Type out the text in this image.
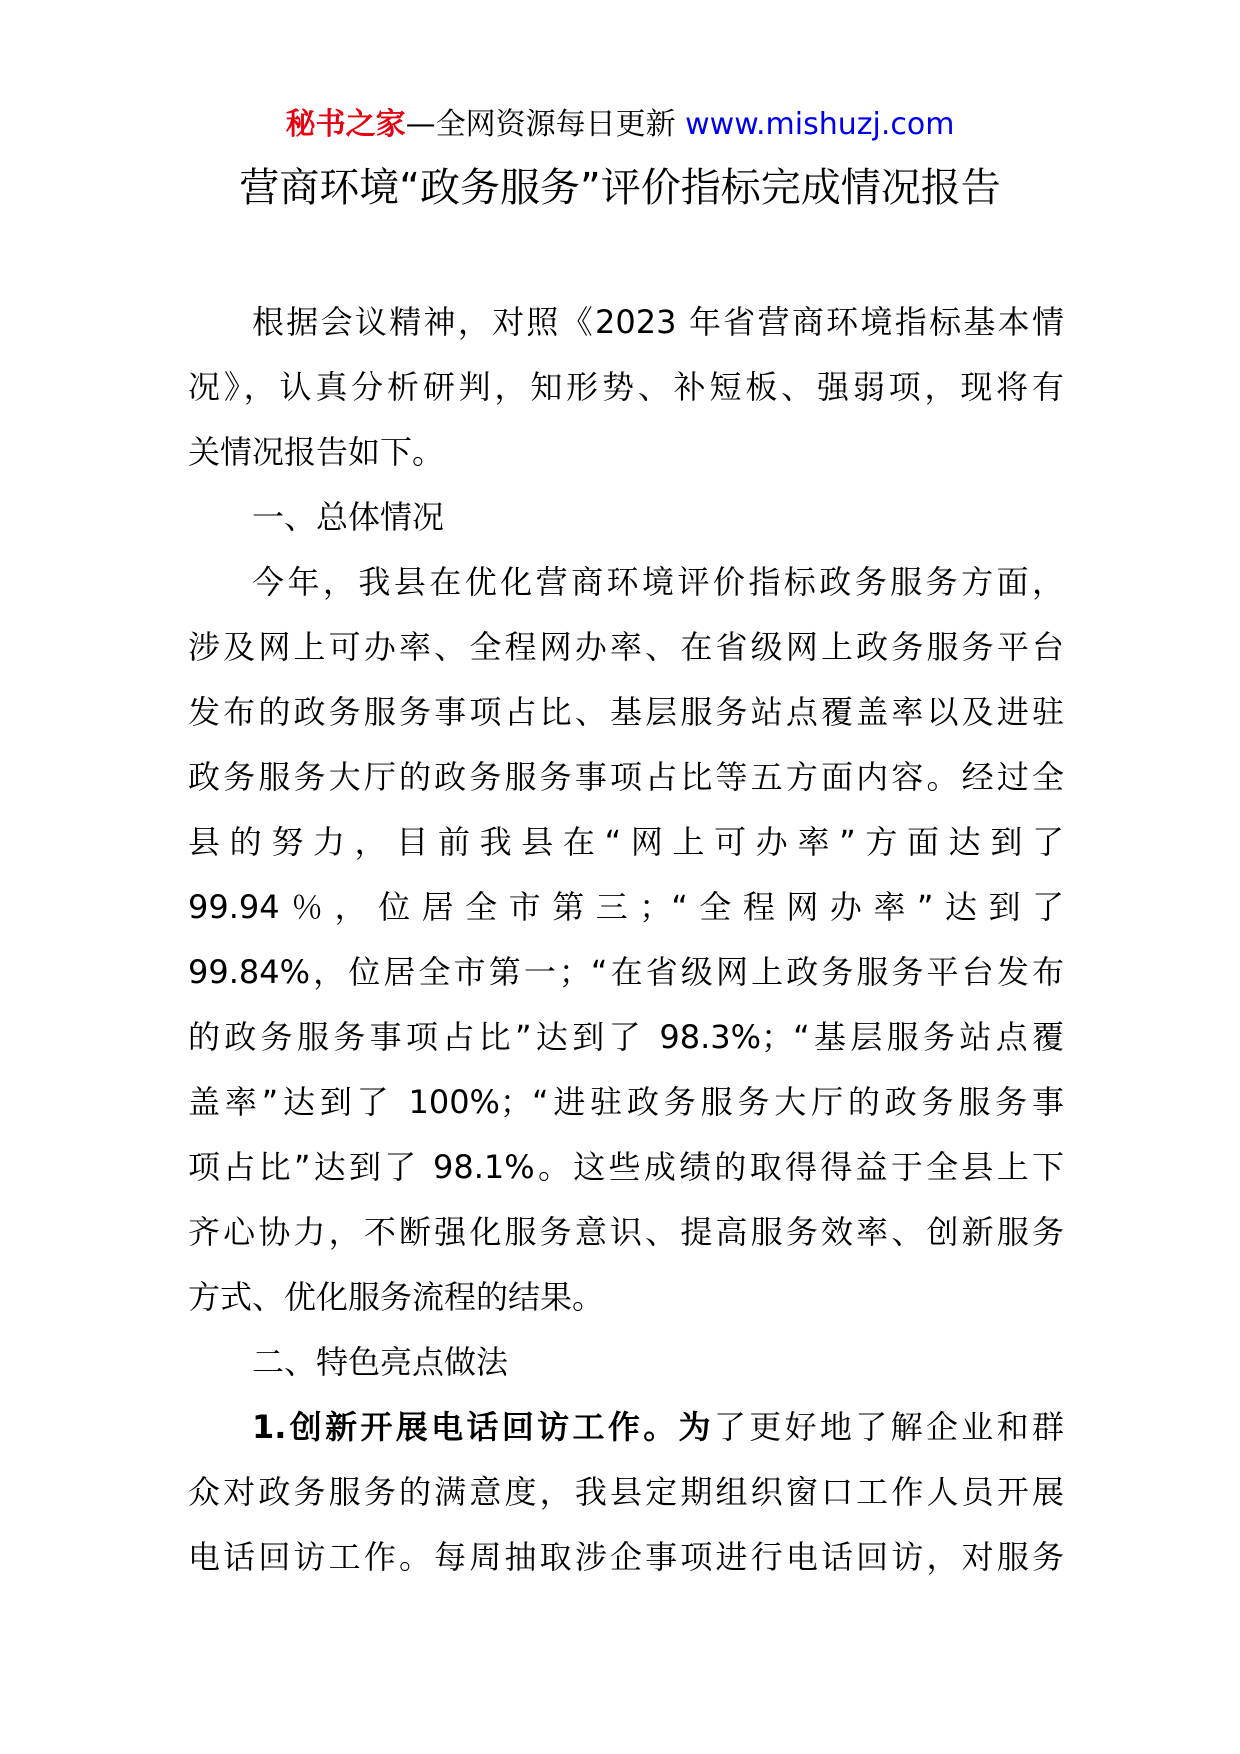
秘书之家—全网资源每日更新 www.mishuzj.com
营商环境“政务服务”评价指标完成情况报告
根据会议精神，对照《2023 年省营商环境指标基本情
况》，认真分析研判，知形势、补短板、强弱项，现将有
关情况报告如下。
一、总体情况
今年，我县在优化营商环境评价指标政务服务方面，
涉及网上可办率、全程网办率、在省级网上政务服务平台
发布的政务服务事项占比、基层服务站点覆盖率以及进驻
政务服务大厅的政务服务事项占比等五方面内容。经过全
县的努力，目前我县在“网上可办率”方面达到了
99.94％，位居全市第三；“全程网办率”达到了
99.84%，位居全市第一；“在省级网上政务服务平台发布
的政务服务事项占比”达到了 98.3%；“基层服务站点覆
盖率”达到了 100%；“进驻政务服务大厅的政务服务事
项占比”达到了 98.1%。这些成绩的取得得益于全县上下
齐心协力，不断强化服务意识、提高服务效率、创新服务
方式、优化服务流程的结果。
二、特色亮点做法
1.创新开展电话回访工作。为了更好地了解企业和群
众对政务服务的满意度，我县定期组织窗口工作人员开展
电话回访工作。每周抽取涉企事项进行电话回访，对服务
